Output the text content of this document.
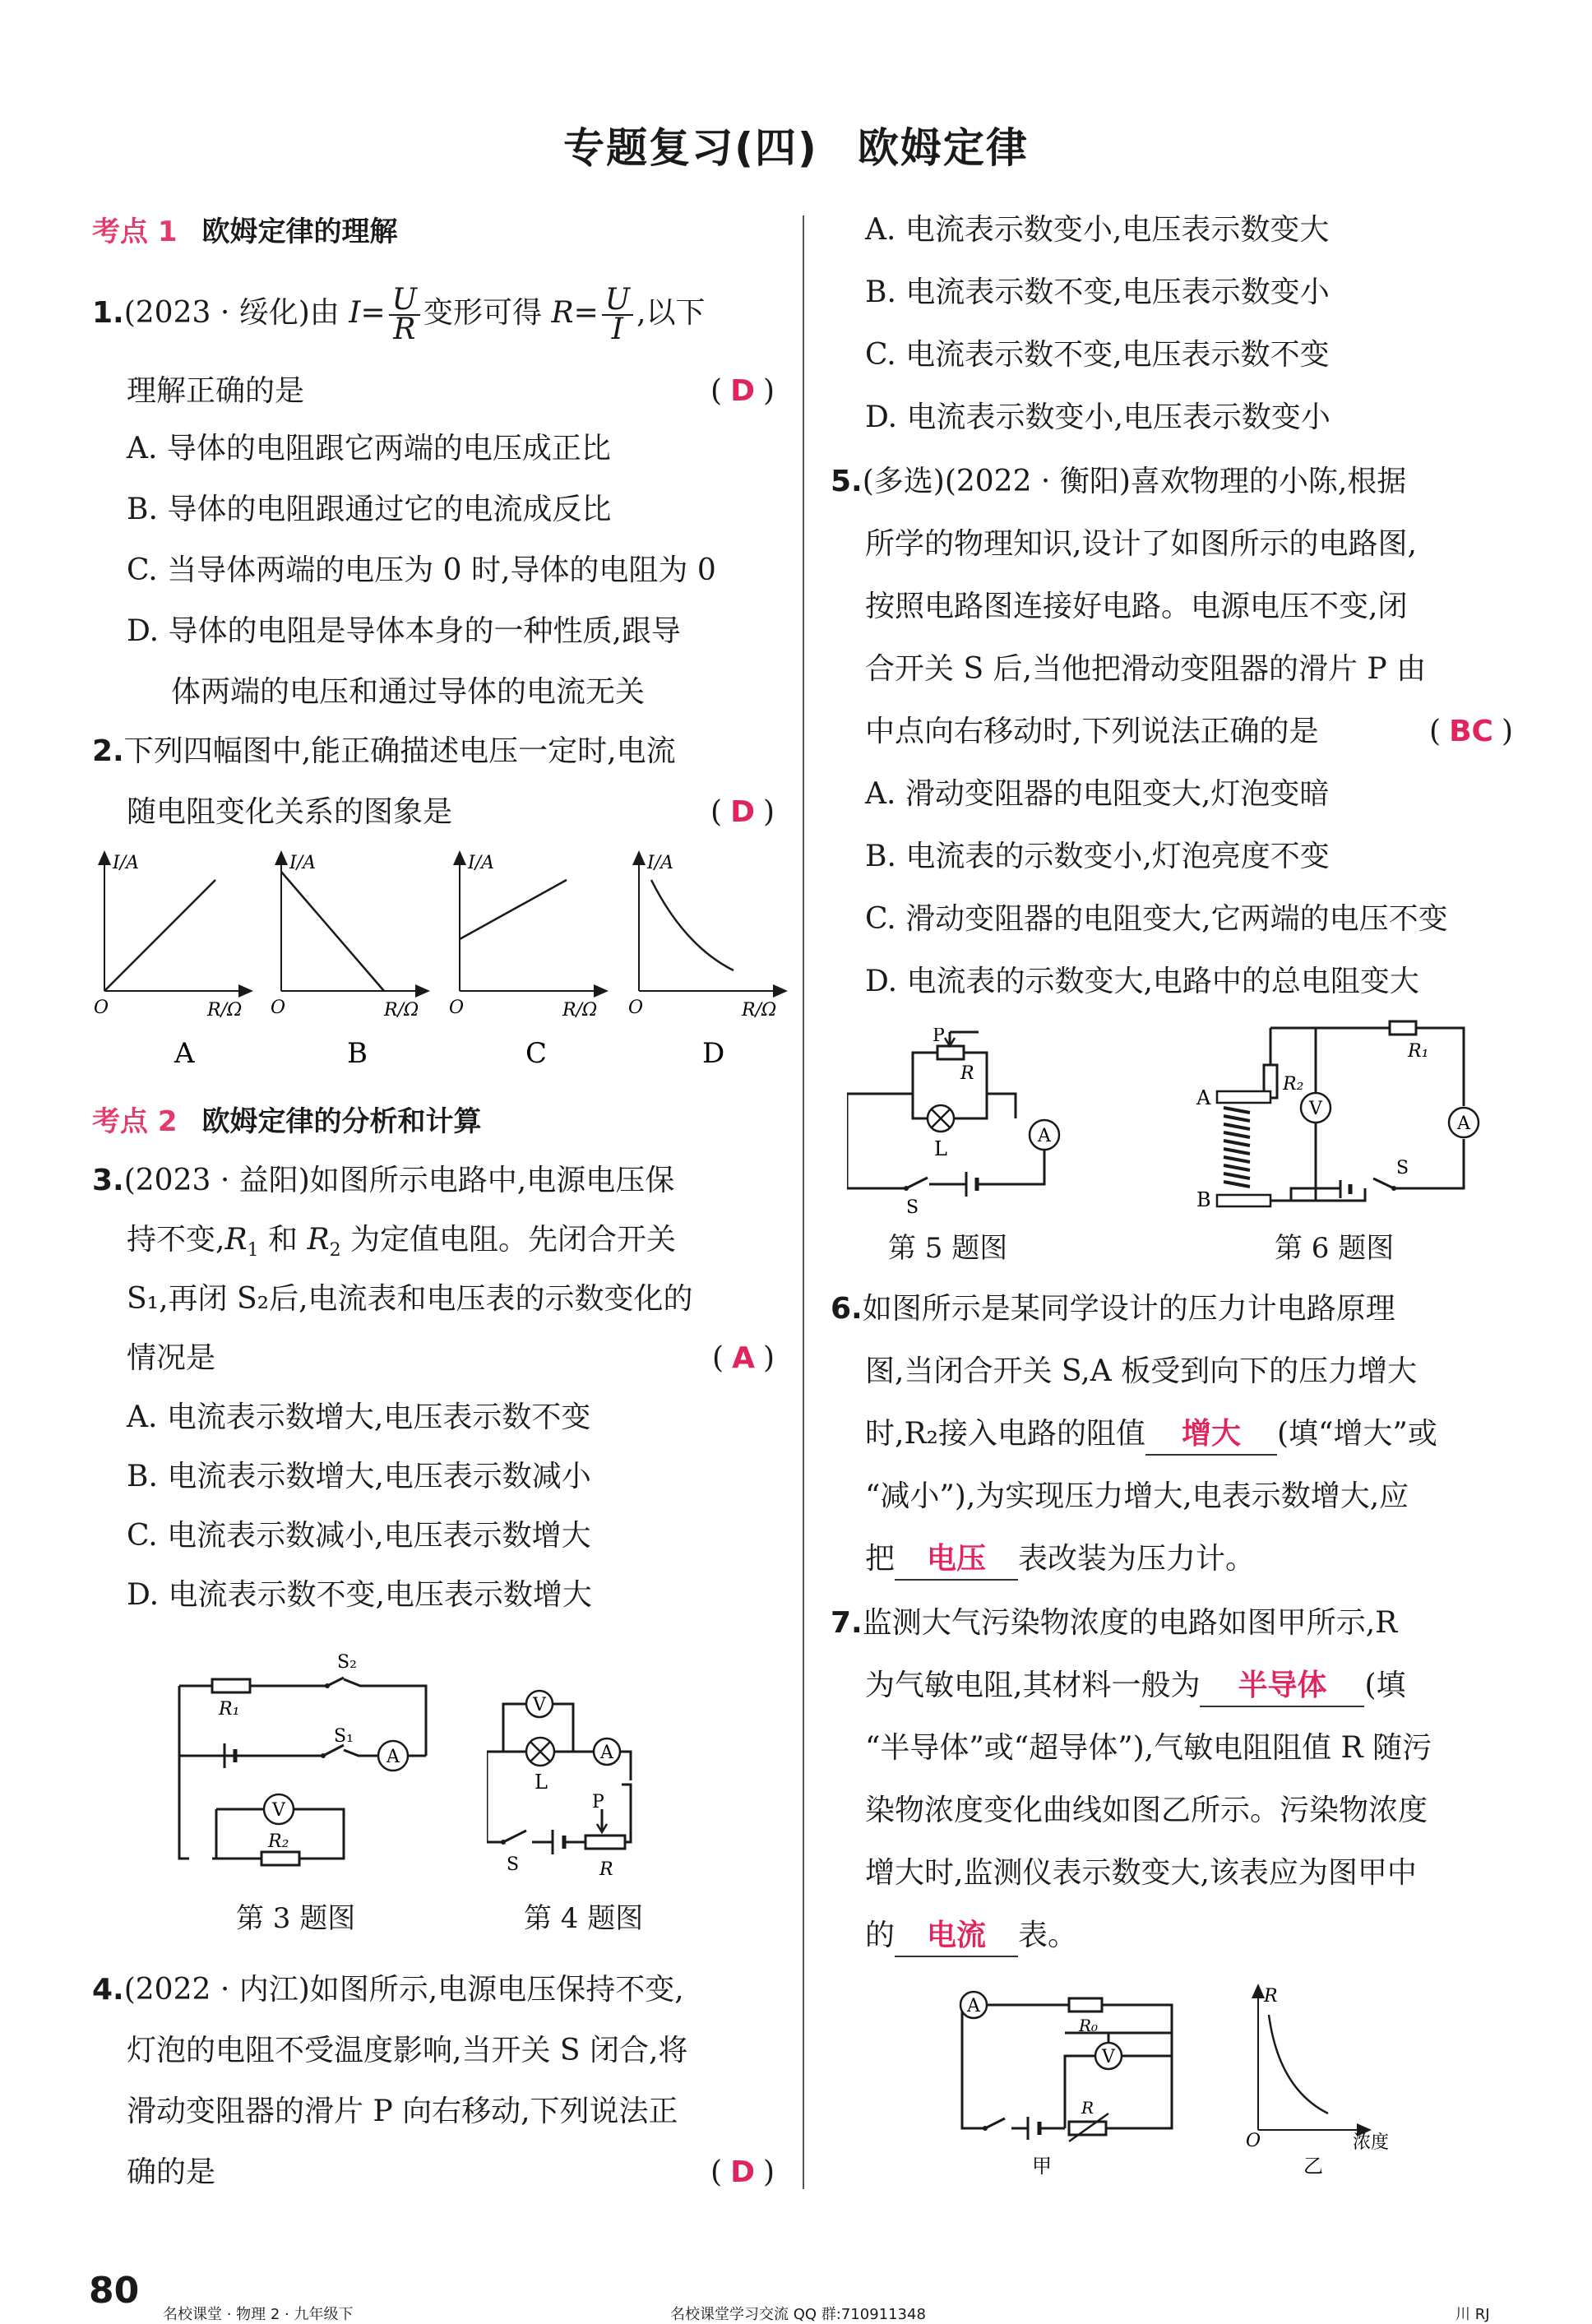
专题复习(四) 欧姆定律
考点 1 欧姆定律的理解
1.(2023 · 绥化)由 $I= \frac{U}{R}$ 变形可得 $R= \frac{U}{I}$ ,以下
理解正确的是	( D )
A. 导体的电阻跟它两端的电压成正比
B. 导体的电阻跟通过它的电流成反比
C. 当导体两端的电压为 0 时,导体的电阻为 0
D. 导体的电阻是导体本身的一种性质,跟导
体两端的电压和通过导体的电流无关
2.下列四幅图中,能正确描述电压一定时,电流
随电阻变化关系的图象是	( D )
I/A
O	R/Ω
A
I/A
O	R/Ω
B
I/A
O	R/Ω
C
I/A
O	R/Ω
D
考点 2 欧姆定律的分析和计算
3.(2023 · 益阳)如图所示电路中,电源电压保
持不变$,R_1$ 和 $R_2$ 为定值电阻。先闭合开关
S₁,再闭 S₂后,电流表和电压表的示数变化的
情况是	( A )
A. 电流表示数增大,电压表示数不变
B. 电流表示数增大,电压表示数减小
C. 电流表示数减小,电压表示数增大
D. 电流表示数不变,电压表示数增大
R₁
S₂
S₁
A
V
R₂
第 3 题图
V
L
A
S
P
R
第 4 题图
4.(2022 · 内江)如图所示,电源电压保持不变,
灯泡的电阻不受温度影响,当开关 S 闭合,将
滑动变阻器的滑片 P 向右移动,下列说法正
确的是	( D )
A. 电流表示数变小,电压表示数变大
B. 电流表示数不变,电压表示数变小
C. 电流表示数不变,电压表示数不变
D. 电流表示数变小,电压表示数变小
5.(多选)(2022 · 衡阳)喜欢物理的小陈,根据
所学的物理知识,设计了如图所示的电路图,
按照电路图连接好电路。电源电压不变,闭
合开关 S 后,当他把滑动变阻器的滑片 P 由
中点向右移动时,下列说法正确的是	( BC )
A. 滑动变阻器的电阻变大,灯泡变暗
B. 电流表的示数变小,灯泡亮度不变
C. 滑动变阻器的电阻变大,它两端的电压不变
D. 电流表的示数变大,电路中的总电阻变大
P
R
L
A
S
第 5 题图
R₁
R₂
V
A
A
B
S
第 6 题图
6.如图所示是某同学设计的压力计电路原理
图,当闭合开关 S,A 板受到向下的压力增大
时,R₂接入电路的阻值 增大 (填“增大”或
“减小”),为实现压力增大,电表示数增大,应
把 电压 表改装为压力计。
7.监测大气污染物浓度的电路如图甲所示,R
为气敏电阻,其材料一般为 半导体 (填
“半导体”或“超导体”),气敏电阻阻值 R 随污
染物浓度变化曲线如图乙所示。污染物浓度
增大时,监测仪表示数变大,该表应为图甲中
的 电流 表。
A
R₀
V
R
甲
R
O	浓度
乙
80
名校课堂 · 物理 2 · 九年级下	名校课堂学习交流 QQ 群:710911348	川 RJ
